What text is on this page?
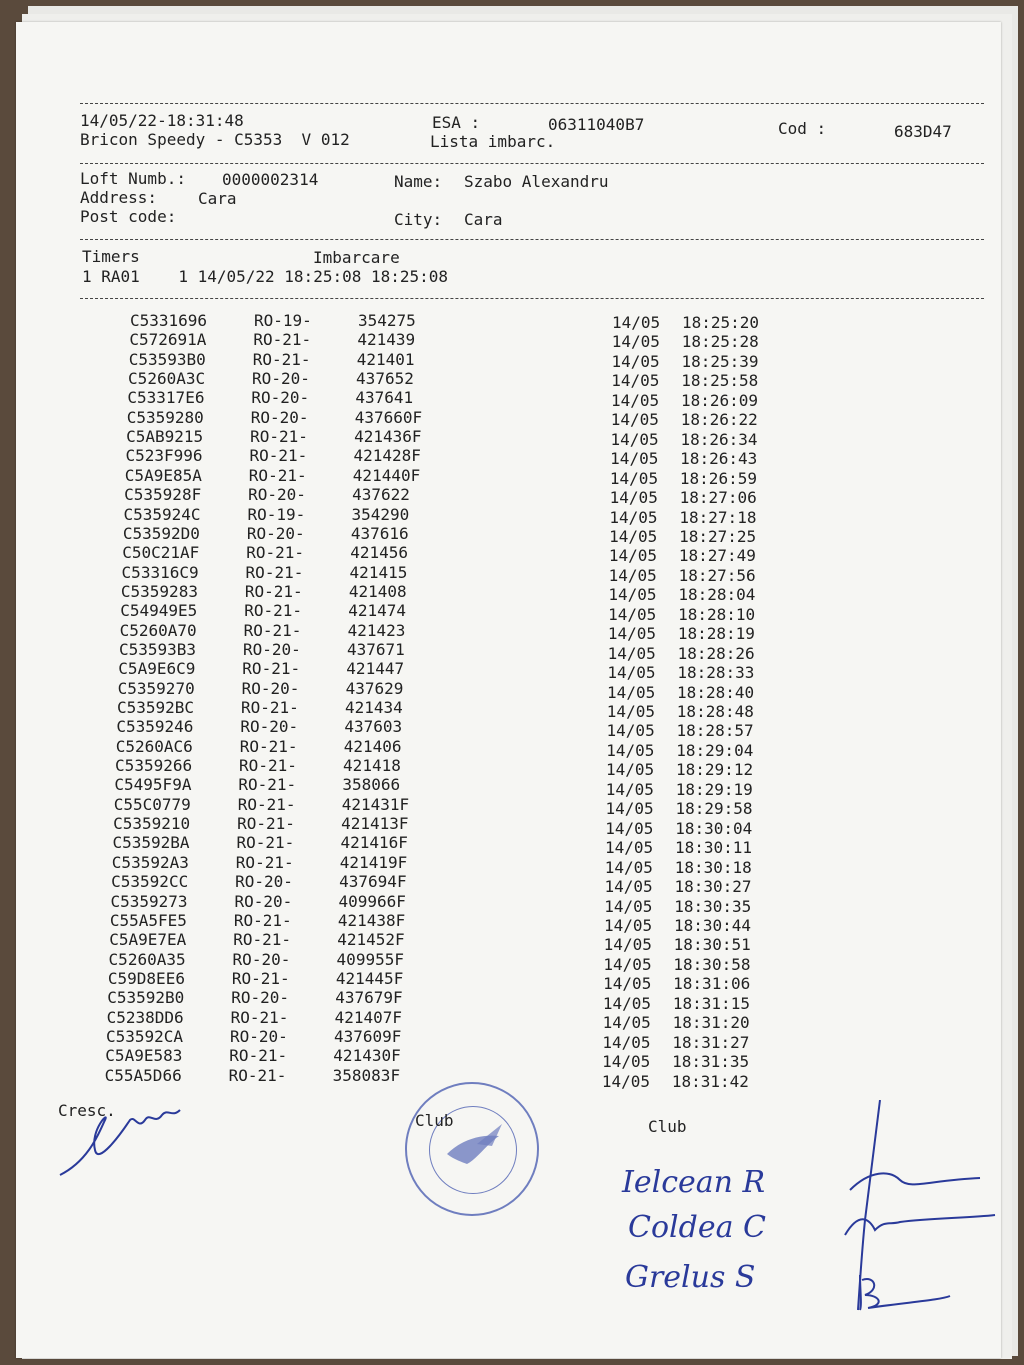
14/05/22-18:31:48	ESA :	06311040B7	Cod :	683D47
Bricon Speedy - C5353  V 012	Lista imbarc.
Loft Numb.: 0000002314	Name: Szabo Alexandru
Address:	Cara
Post code:	City: Cara
Timers	Imbarcare
1 RA01    1 14/05/22 18:25:08 18:25:08
C5331696	RO-19-	354275	14/05 18:25:20
C572691A	RO-21-	421439	14/05 18:25:28
C53593B0	RO-21-	421401	14/05 18:25:39
C5260A3C	RO-20-	437652	14/05 18:25:58
C53317E6	RO-20-	437641	14/05 18:26:09
C5359280	RO-20-	437660F	14/05 18:26:22
C5AB9215	RO-21-	421436F	14/05 18:26:34
C523F996	RO-21-	421428F	14/05 18:26:43
C5A9E85A	RO-21-	421440F	14/05 18:26:59
C535928F	RO-20-	437622	14/05 18:27:06
C535924C	RO-19-	354290	14/05 18:27:18
C53592D0	RO-20-	437616	14/05 18:27:25
C50C21AF	RO-21-	421456	14/05 18:27:49
C53316C9	RO-21-	421415	14/05 18:27:56
C5359283	RO-21-	421408	14/05 18:28:04
C54949E5	RO-21-	421474	14/05 18:28:10
C5260A70	RO-21-	421423	14/05 18:28:19
C53593B3	RO-20-	437671	14/05 18:28:26
C5A9E6C9	RO-21-	421447	14/05 18:28:33
C5359270	RO-20-	437629	14/05 18:28:40
C53592BC	RO-21-	421434	14/05 18:28:48
C5359246	RO-20-	437603	14/05 18:28:57
C5260AC6	RO-21-	421406	14/05 18:29:04
C5359266	RO-21-	421418	14/05 18:29:12
C5495F9A	RO-21-	358066	14/05 18:29:19
C55C0779	RO-21-	421431F	14/05 18:29:58
C5359210	RO-21-	421413F	14/05 18:30:04
C53592BA	RO-21-	421416F	14/05 18:30:11
C53592A3	RO-21-	421419F	14/05 18:30:18
C53592CC	RO-20-	437694F	14/05 18:30:27
C5359273	RO-20-	409966F	14/05 18:30:35
C55A5FE5	RO-21-	421438F	14/05 18:30:44
C5A9E7EA	RO-21-	421452F	14/05 18:30:51
C5260A35	RO-20-	409955F	14/05 18:30:58
C59D8EE6	RO-21-	421445F	14/05 18:31:06
C53592B0	RO-20-	437679F	14/05 18:31:15
C5238DD6	RO-21-	421407F	14/05 18:31:20
C53592CA	RO-20-	437609F	14/05 18:31:27
C5A9E583	RO-21-	421430F	14/05 18:31:35
C55A5D66	RO-21-	358083F	14/05 18:31:42
Cresc.
Club	Club
Ielcean R
Coldea C
Grelus S
